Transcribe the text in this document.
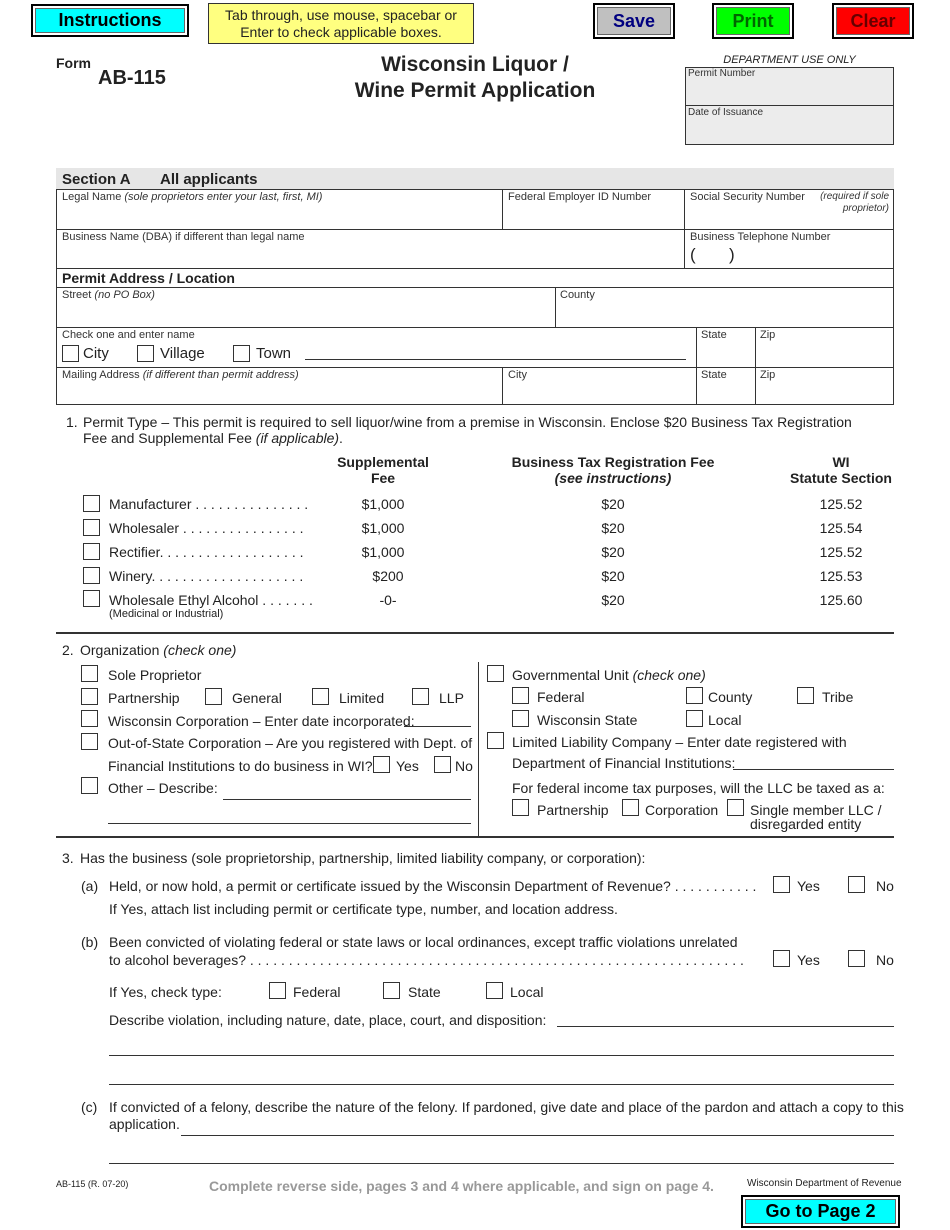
Instructions	Tab through, use mouse, spacebar or
Enter to check applicable boxes.
Save	Print	Clear
Form
AB-115
Wisconsin Liquor /
Wine Permit Application
DEPARTMENT USE ONLY
Permit Number
Date of Issuance
Section A All applicants
Legal Name (sole proprietors enter your last, first, MI)	Federal Employer ID Number	Social Security Number	(required if sole
proprietor)
Business Name (DBA) if different than legal name	Business Telephone Number
( )
Permit Address / Location
Street (no PO Box)	County
Check one and enter name
City	Village	Town
State	Zip
Mailing Address (if different than permit address)	City	State	Zip
1. Permit Type – This permit is required to sell liquor/wine from a premise in Wisconsin. Enclose $20 Business Tax Registration
Fee and Supplemental Fee (if applicable).
Supplemental
Fee
Business Tax Registration Fee
(see instructions)
WI
Statute Section
Manufacturer . . . . . . . . . . . . . . .	$1,000	$20	125.52
Wholesaler . . . . . . . . . . . . . . . .	$1,000	$20	125.54
Rectifier. . . . . . . . . . . . . . . . . . .	$1,000	$20	125.52
Winery. . . . . . . . . . . . . . . . . . . .	$200	$20	125.53
Wholesale Ethyl Alcohol . . . . . . .	-0-	$20	125.60
(Medicinal or Industrial)
2. Organization (check one)
Sole Proprietor
Partnership	General	Limited	LLP
Wisconsin Corporation – Enter date incorporated:
Out-of-State Corporation – Are you registered with Dept. of
Financial Institutions to do business in WI? Yes	No
Other – Describe:
Governmental Unit (check one)
Federal	County	Tribe
Wisconsin State	Local
Limited Liability Company – Enter date registered with
Department of Financial Institutions:
For federal income tax purposes, will the LLC be taxed as a:
Partnership	Corporation Single member LLC /
disregarded entity
3. Has the business (sole proprietorship, partnership, limited liability company, or corporation):
(a) Held, or now hold, a permit or certificate issued by the Wisconsin Department of Revenue? . . . . . . . . . . .	Yes	No
If Yes, attach list including permit or certificate type, number, and location address.
(b) Been convicted of violating federal or state laws or local ordinances, except traffic violations unrelated
to alcohol beverages? . . . . . . . . . . . . . . . . . . . . . . . . . . . . . . . . . . . . . . . . . . . . . . . . . . . . . . . . . . . . . . . .	Yes	No
If Yes, check type:	Federal	State	Local
Describe violation, including nature, date, place, court, and disposition:
(c) If convicted of a felony, describe the nature of the felony. If pardoned, give date and place of the pardon and attach a copy to this
application.
AB-115 (R. 07-20)	Complete reverse side, pages 3 and 4 where applicable, and sign on page 4.	Wisconsin Department of Revenue
Go to Page 2
